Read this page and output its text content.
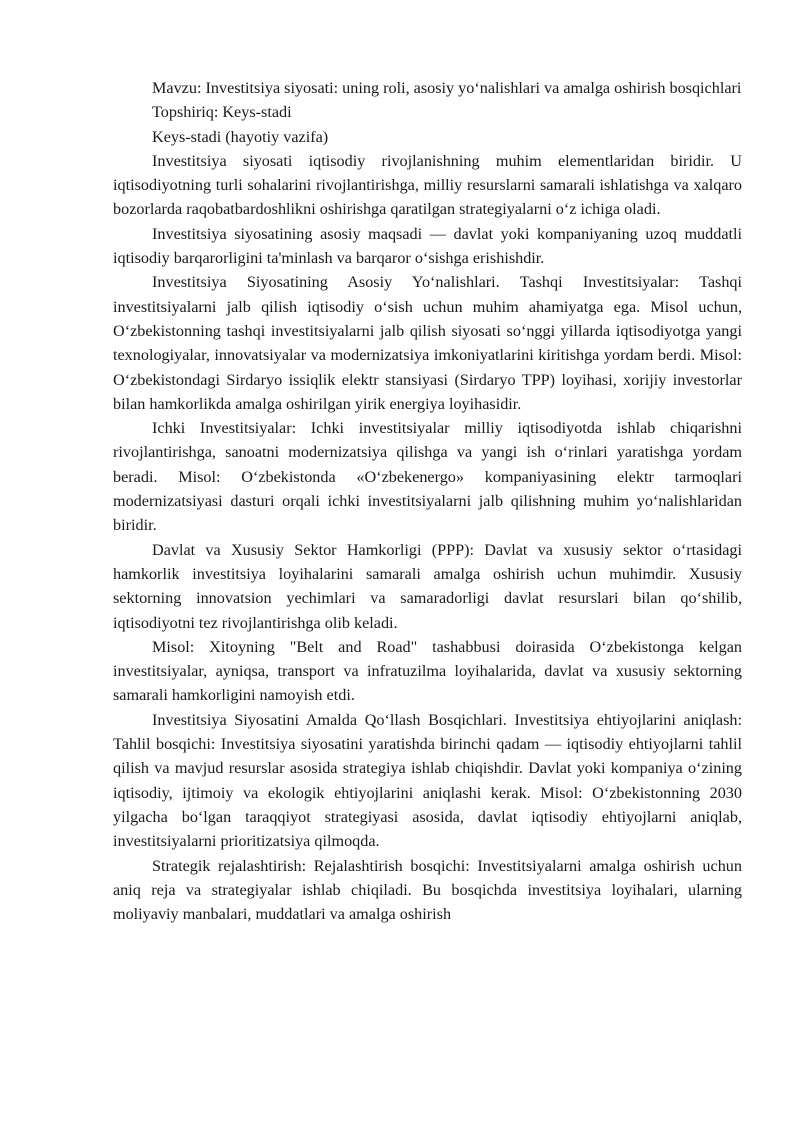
Mavzu: Investitsiya siyosati: uning roli, asosiy yoʻnalishlari va amalga oshirish bosqichlari

Topshiriq: Keys-stadi

Keys-stadi (hayotiy vazifa)

Investitsiya siyosati iqtisodiy rivojlanishning muhim elementlaridan biridir. U iqtisodiyotning turli sohalarini rivojlantirishga, milliy resurslarni samarali ishlatishga va xalqaro bozorlarda raqobatbardoshlikni oshirishga qaratilgan strategiyalarni oʻz ichiga oladi.

Investitsiya siyosatining asosiy maqsadi — davlat yoki kompaniyaning uzoq muddatli iqtisodiy barqarorligini ta'minlash va barqaror oʻsishga erishishdir.

Investitsiya Siyosatining Asosiy Yoʻnalishlari. Tashqi Investitsiyalar: Tashqi investitsiyalarni jalb qilish iqtisodiy oʻsish uchun muhim ahamiyatga ega. Misol uchun, Oʻzbekistonning tashqi investitsiyalarni jalb qilish siyosati soʻnggi yillarda iqtisodiyotga yangi texnologiyalar, innovatsiyalar va modernizatsiya imkoniyatlarini kiritishga yordam berdi. Misol: Oʻzbekistondagi Sirdaryo issiqlik elektr stansiyasi (Sirdaryo TPP) loyihasi, xorijiy investorlar bilan hamkorlikda amalga oshirilgan yirik energiya loyihasidir.

Ichki Investitsiyalar: Ichki investitsiyalar milliy iqtisodiyotda ishlab chiqarishni rivojlantirishga, sanoatni modernizatsiya qilishga va yangi ish oʻrinlari yaratishga yordam beradi. Misol: Oʻzbekistonda «Oʻzbekenergo» kompaniyasining elektr tarmoqlari modernizatsiyasi dasturi orqali ichki investitsiyalarni jalb qilishning muhim yoʻnalishlaridan biridir.

Davlat va Xususiy Sektor Hamkorligi (PPP): Davlat va xususiy sektor oʻrtasidagi hamkorlik investitsiya loyihalarini samarali amalga oshirish uchun muhimdir. Xususiy sektorning innovatsion yechimlari va samaradorligi davlat resurslari bilan qoʻshilib, iqtisodiyotni tez rivojlantirishga olib keladi.

Misol: Xitoyning "Belt and Road" tashabbusi doirasida Oʻzbekistonga kelgan investitsiyalar, ayniqsa, transport va infratuzilma loyihalarida, davlat va xususiy sektorning samarali hamkorligini namoyish etdi.

Investitsiya Siyosatini Amalda Qoʻllash Bosqichlari. Investitsiya ehtiyojlarini aniqlash: Tahlil bosqichi: Investitsiya siyosatini yaratishda birinchi qadam — iqtisodiy ehtiyojlarni tahlil qilish va mavjud resurslar asosida strategiya ishlab chiqishdir. Davlat yoki kompaniya oʻzining iqtisodiy, ijtimoiy va ekologik ehtiyojlarini aniqlashi kerak. Misol: Oʻzbekistonning 2030 yilgacha boʻlgan taraqqiyot strategiyasi asosida, davlat iqtisodiy ehtiyojlarni aniqlab, investitsiyalarni prioritizatsiya qilmoqda.

Strategik rejalashtirish: Rejalashtirish bosqichi: Investitsiyalarni amalga oshirish uchun aniq reja va strategiyalar ishlab chiqiladi. Bu bosqichda investitsiya loyihalari, ularning moliyaviy manbalari, muddatlari va amalga oshirish
